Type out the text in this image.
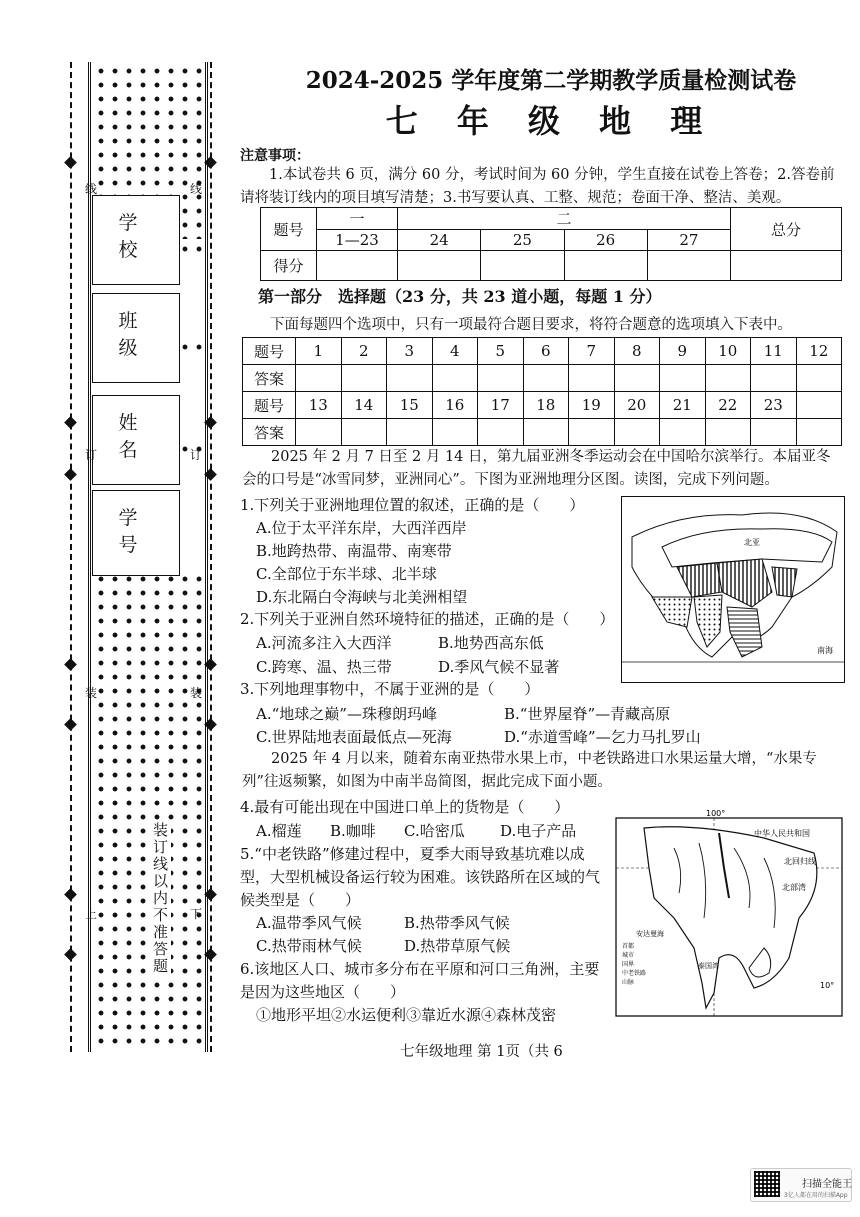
学 校
班 级
姓 名
学 号
线	线
订	订
装	装
上	下
装订线以内不准答题
2024-2025 学年度第二学期教学质量检测试卷
七 年 级 地 理
注意事项：
1.本试卷共 6 页，满分 60 分，考试时间为 60 分钟，学生直接在试卷上答卷；2.答卷前请将装订线内的项目填写清楚；3.书写要认真、工整、规范；卷面干净、整洁、美观。
题号	一	二				总分
	1—23	24	25	26	27	
得分						
第一部分　选择题（23 分，共 23 道小题，每题 1 分）
下面每题四个选项中，只有一项最符合题目要求，将符合题意的选项填入下表中。
题号	1	2	3	4	5	6	7	8	9	10	11	12
答案												
题号	13	14	15	16	17	18	19	20	21	22	23	
答案												
2025 年 2 月 7 日至 2 月 14 日，第九届亚洲冬季运动会在中国哈尔滨举行。本届亚冬会的口号是“冰雪同梦，亚洲同心”。下图为亚洲地理分区图。读图，完成下列问题。
1.下列关于亚洲地理位置的叙述，正确的是（　　）
A.位于太平洋东岸，大西洋西岸
B.地跨热带、南温带、南寒带
C.全部位于东半球、北半球
D.东北隔白令海峡与北美洲相望
2.下列关于亚洲自然环境特征的描述，正确的是（　　）
A.河流多注入大西洋	B.地势西高东低
C.跨寒、温、热三带	D.季风气候不显著
北亚
南海
3.下列地理事物中，不属于亚洲的是（　　）
A.“地球之巅”—珠穆朗玛峰	B.“世界屋脊”—青藏高原
C.世界陆地表面最低点—死海	D.“赤道雪峰”—乞力马扎罗山
2025 年 4 月以来，随着东南亚热带水果上市，中老铁路进口水果运量大增，“水果专列”往返频繁，如图为中南半岛简图，据此完成下面小题。
4.最有可能出现在中国进口单上的货物是（　　）
A.榴莲 B.咖啡 C.哈密瓜 D.电子产品
5.“中老铁路”修建过程中，夏季大雨导致基坑难以成型，大型机械设备运行较为困难。该铁路所在区域的气候类型是（　　）
A.温带季风气候	B.热带季风气候
C.热带雨林气候	D.热带草原气候
6.该地区人口、城市多分布在平原和河口三角洲，主要是因为这些地区（　　）
①地形平坦②水运便利③靠近水源④森林茂密
100°
中华人民共和国
北回归线
北部湾
安达曼海
泰国湾
10°
首都
城市
国界
中老铁路
山脉
七年级地理 第 1页（共 6
扫描全能王
3亿人都在用的扫描App
